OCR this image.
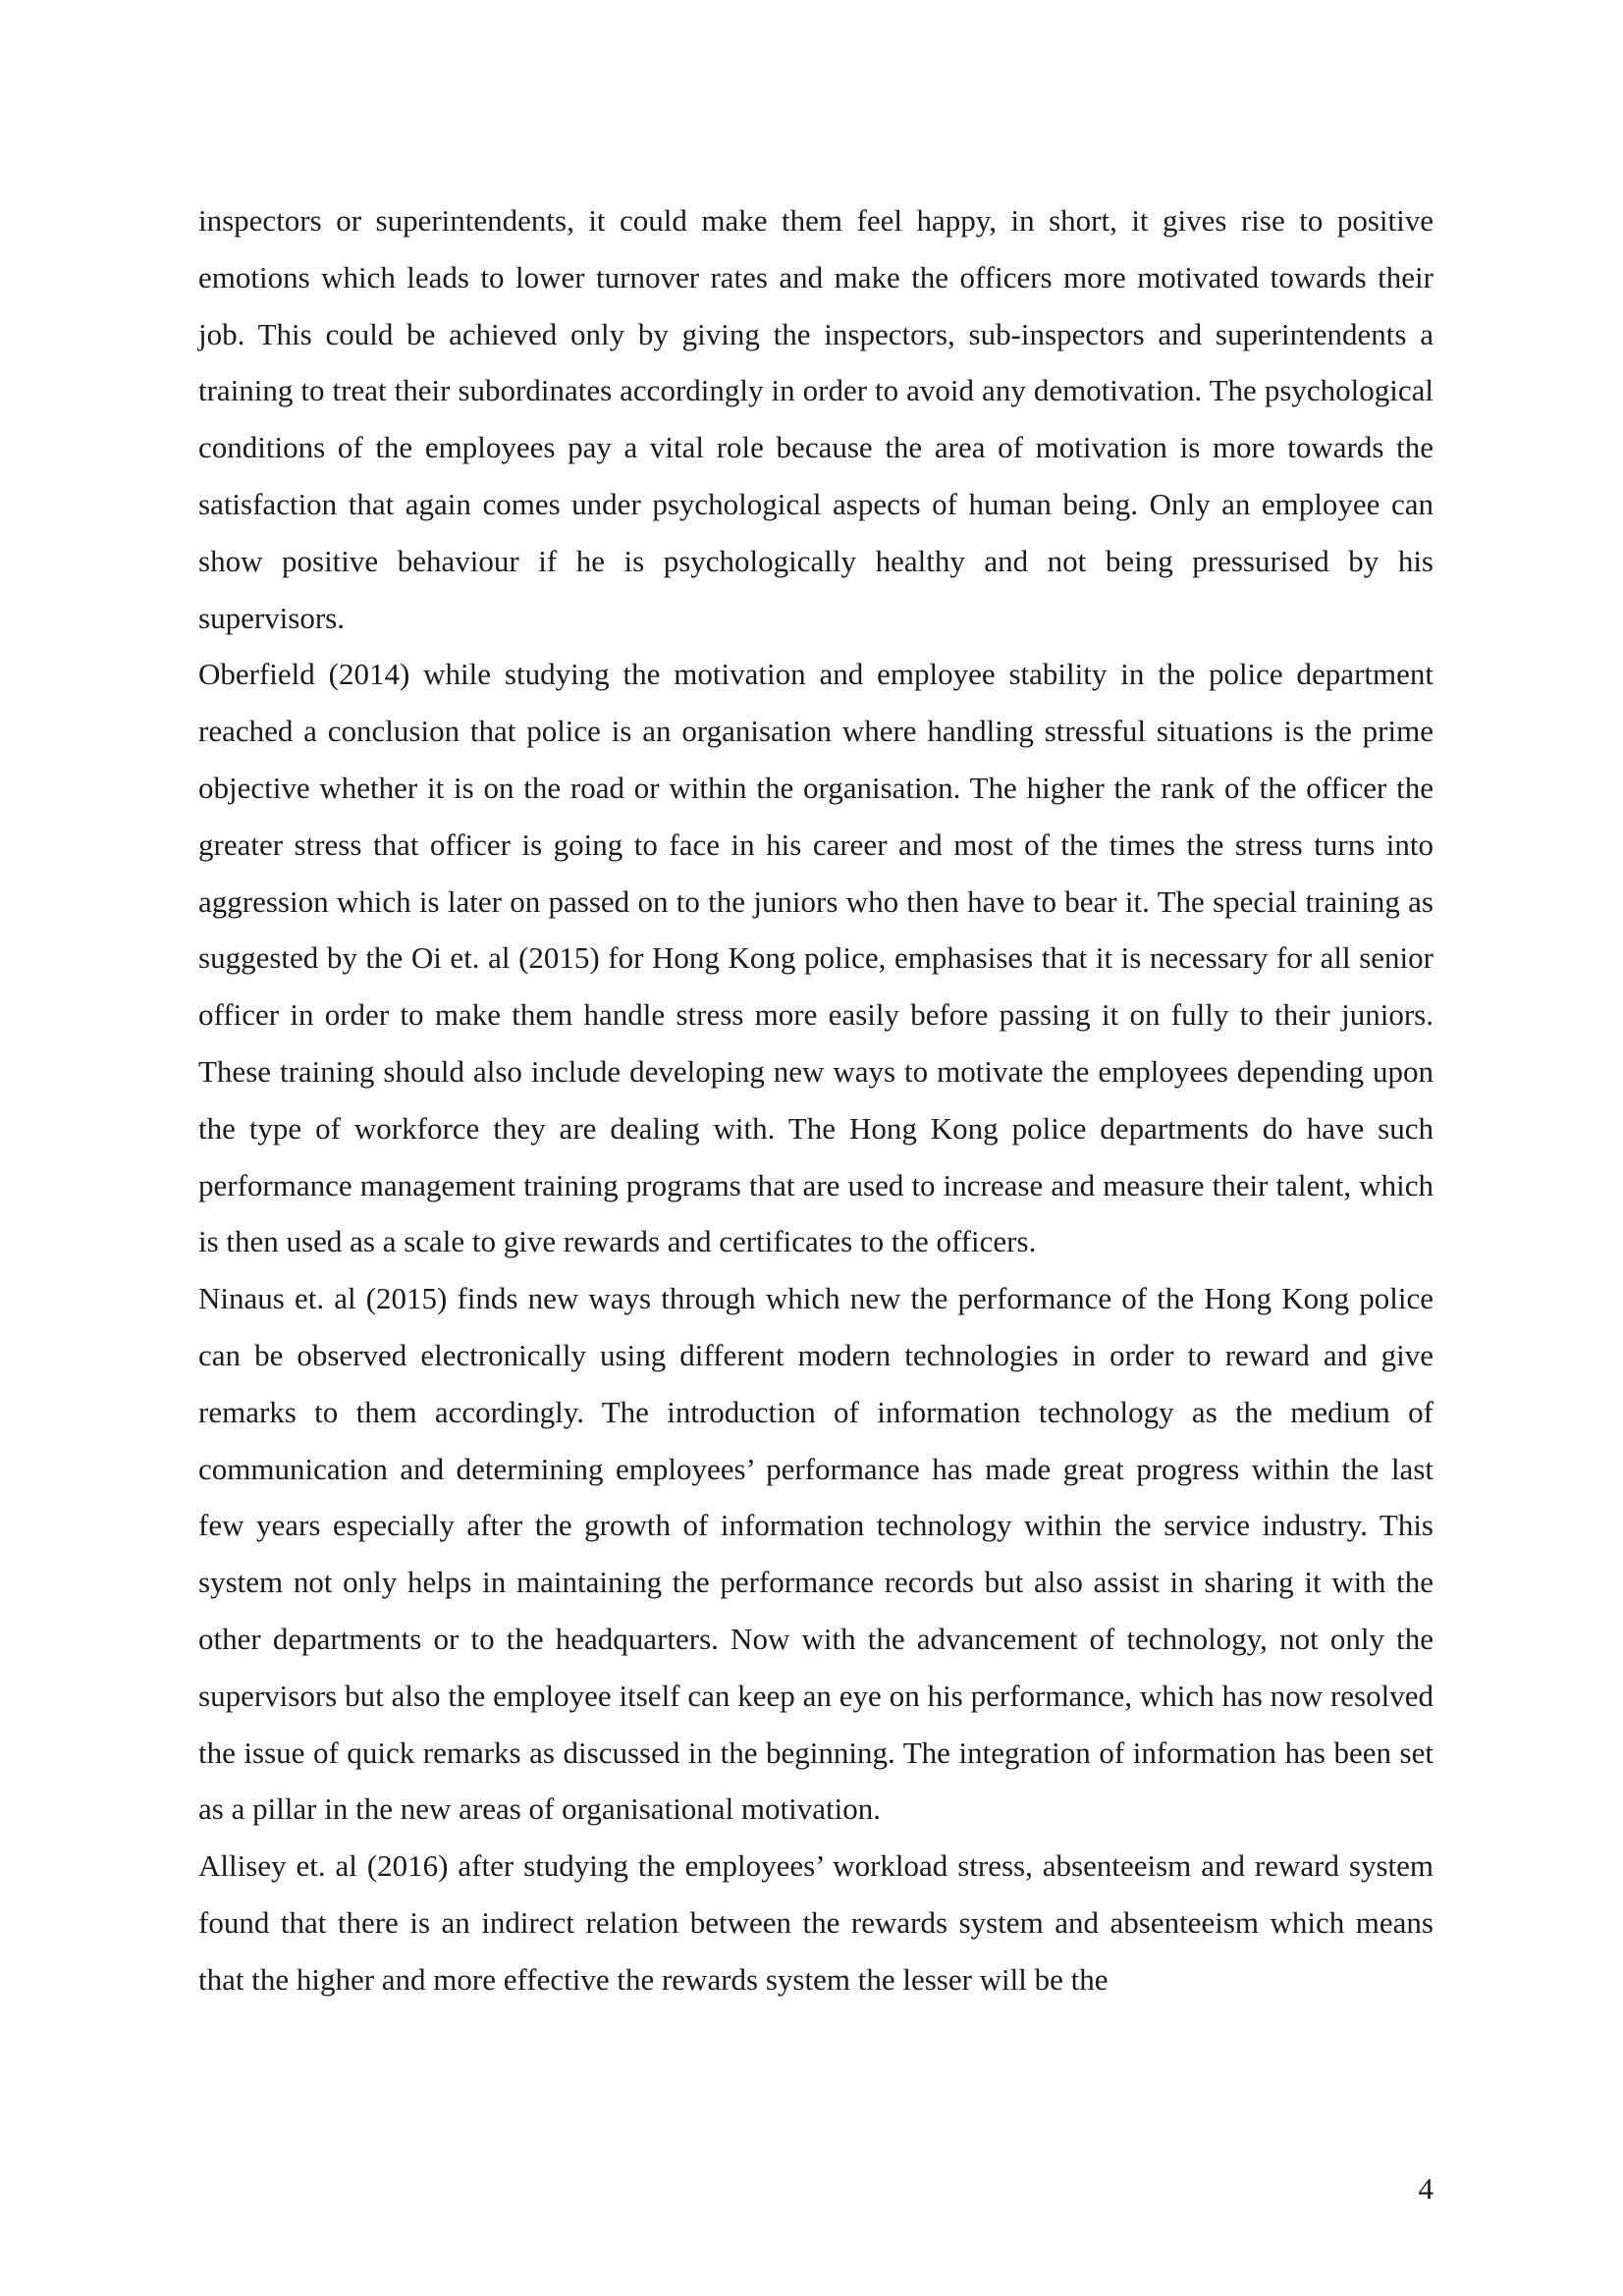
inspectors or superintendents, it could make them feel happy, in short, it gives rise to positive emotions which leads to lower turnover rates and make the officers more motivated towards their job. This could be achieved only by giving the inspectors, sub-inspectors and superintendents a training to treat their subordinates accordingly in order to avoid any demotivation. The psychological conditions of the employees pay a vital role because the area of motivation is more towards the satisfaction that again comes under psychological aspects of human being. Only an employee can show positive behaviour if he is psychologically healthy and not being pressurised by his supervisors.

Oberfield (2014) while studying the motivation and employee stability in the police department reached a conclusion that police is an organisation where handling stressful situations is the prime objective whether it is on the road or within the organisation. The higher the rank of the officer the greater stress that officer is going to face in his career and most of the times the stress turns into aggression which is later on passed on to the juniors who then have to bear it. The special training as suggested by the Oi et. al (2015) for Hong Kong police, emphasises that it is necessary for all senior officer in order to make them handle stress more easily before passing it on fully to their juniors. These training should also include developing new ways to motivate the employees depending upon the type of workforce they are dealing with. The Hong Kong police departments do have such performance management training programs that are used to increase and measure their talent, which is then used as a scale to give rewards and certificates to the officers.

Ninaus et. al (2015) finds new ways through which new the performance of the Hong Kong police can be observed electronically using different modern technologies in order to reward and give remarks to them accordingly. The introduction of information technology as the medium of communication and determining employees’ performance has made great progress within the last few years especially after the growth of information technology within the service industry. This system not only helps in maintaining the performance records but also assist in sharing it with the other departments or to the headquarters. Now with the advancement of technology, not only the supervisors but also the employee itself can keep an eye on his performance, which has now resolved the issue of quick remarks as discussed in the beginning. The integration of information has been set as a pillar in the new areas of organisational motivation.

Allisey et. al (2016) after studying the employees’ workload stress, absenteeism and reward system found that there is an indirect relation between the rewards system and absenteeism which means that the higher and more effective the rewards system the lesser will be the

4
